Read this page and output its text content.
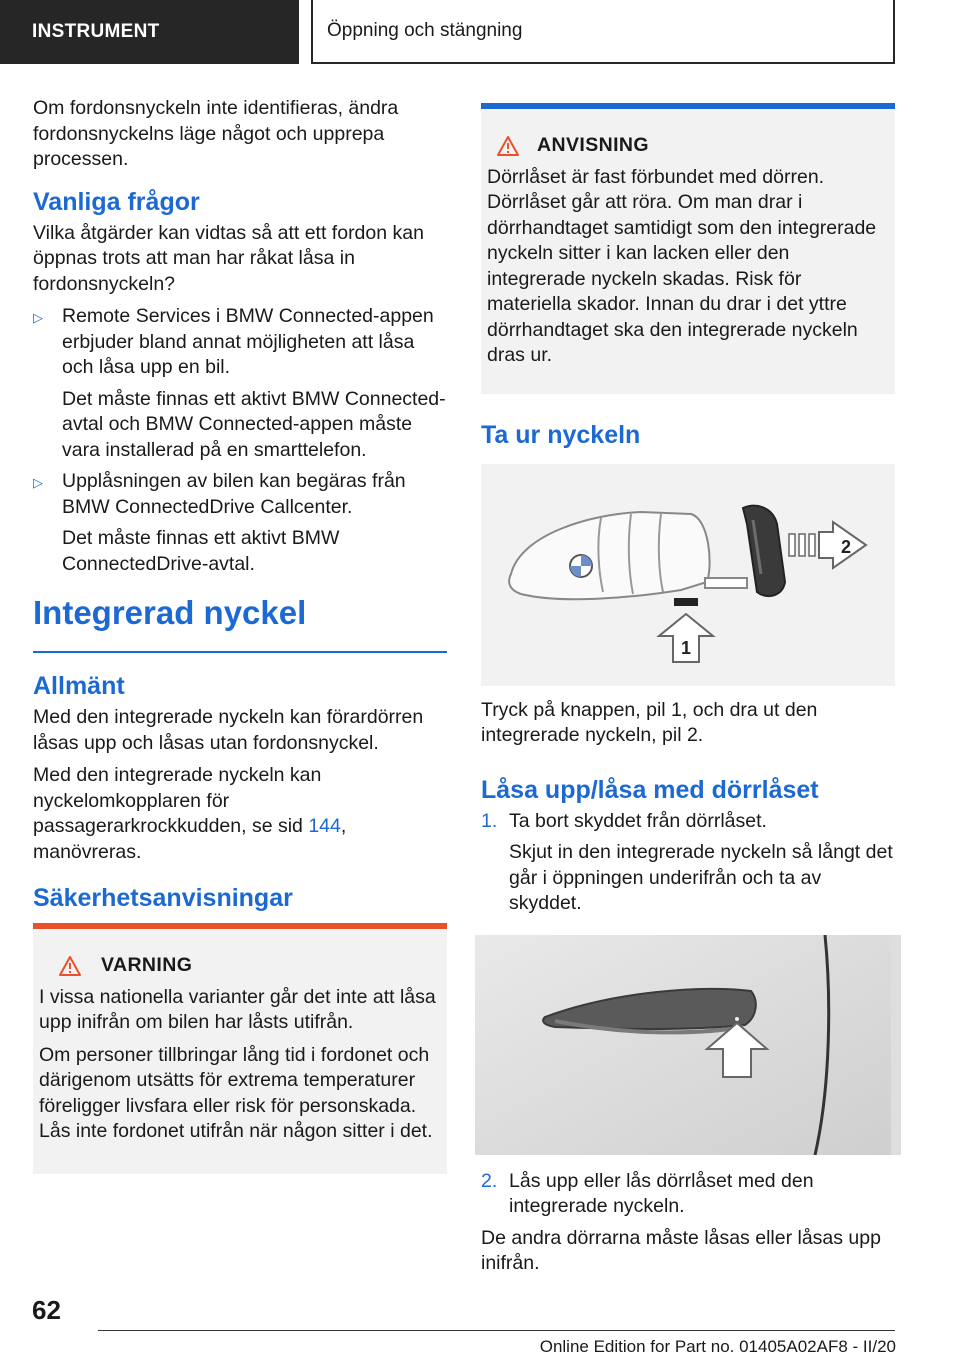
INSTRUMENT	Öppning och stängning

Om fordonsnyckeln inte identifieras, ändra fordonsnyckelns läge något och upprepa processen.

Vanliga frågor

Vilka åtgärder kan vidtas så att ett fordon kan öppnas trots att man har råkat låsa in fordonsnyckeln?

▷ Remote Services i BMW Connected-appen erbjuder bland annat möjligheten att låsa och låsa upp en bil.

Det måste finnas ett aktivt BMW Connected-avtal och BMW Connected-appen måste vara installerad på en smarttelefon.

▷ Upplåsningen av bilen kan begäras från BMW ConnectedDrive Callcenter.

Det måste finnas ett aktivt BMW ConnectedDrive-avtal.

Integrerad nyckel
Allmänt

Med den integrerade nyckeln kan förardörren låsas upp och låsas utan fordonsnyckel.

Med den integrerade nyckeln kan nyckelomkopplaren för passagerarkrockkudden, se sid 144, manövreras.

Säkerhetsanvisningar
VARNING

I vissa nationella varianter går det inte att låsa upp inifrån om bilen har låsts utifrån.

Om personer tillbringar lång tid i fordonet och därigenom utsätts för extrema temperaturer föreligger livsfara eller risk för personskada. Lås inte fordonet utifrån när någon sitter i det.

ANVISNING

Dörrlåset är fast förbundet med dörren. Dörrlåset går att röra. Om man drar i dörrhandtaget samtidigt som den integrerade nyckeln sitter i kan lacken eller den integrerade nyckeln skadas. Risk för materiella skador. Innan du drar i det yttre dörrhandtaget ska den integrerade nyckeln dras ur.

Ta ur nyckeln
2
1

Tryck på knappen, pil 1, och dra ut den integrerade nyckeln, pil 2.

Låsa upp/låsa med dörrlåset
1. Ta bort skyddet från dörrlåset.

Skjut in den integrerade nyckeln så långt det går i öppningen underifrån och ta av skyddet.

2. Lås upp eller lås dörrlåset med den integrerade nyckeln.

De andra dörrarna måste låsas eller låsas upp inifrån.

62
Online Edition for Part no. 01405A02AF8 - II/20
